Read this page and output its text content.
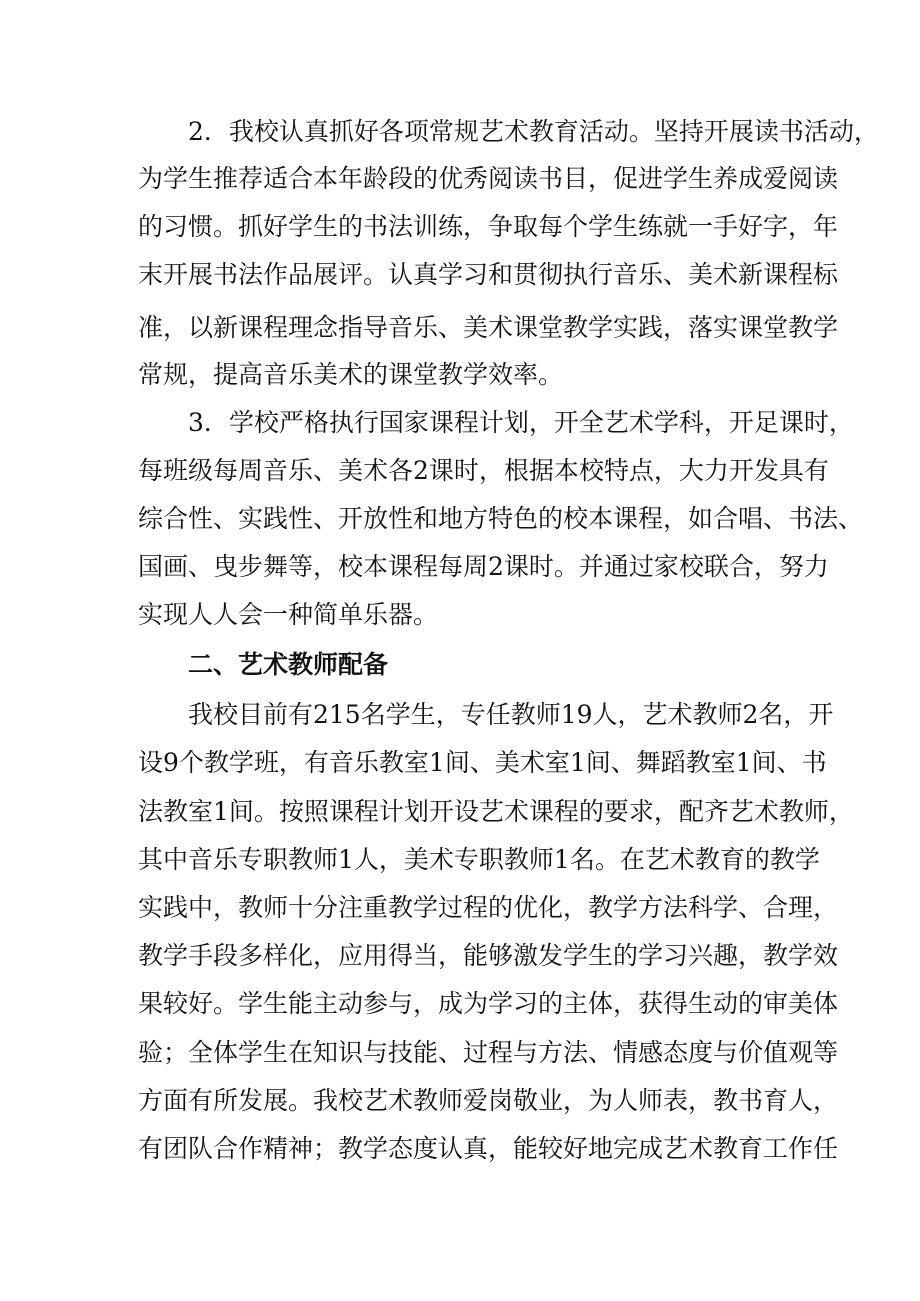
2．我校认真抓好各项常规艺术教育活动。坚持开展读书活动，
为学生推荐适合本年龄段的优秀阅读书目，促进学生养成爱阅读
的习惯。抓好学生的书法训练，争取每个学生练就一手好字，年
末开展书法作品展评。认真学习和贯彻执行音乐、美术新课程标
准，以新课程理念指导音乐、美术课堂教学实践，落实课堂教学
常规，提高音乐美术的课堂教学效率。
3．学校严格执行国家课程计划，开全艺术学科，开足课时，
每班级每周音乐、美术各2课时，根据本校特点，大力开发具有
综合性、实践性、开放性和地方特色的校本课程，如合唱、书法、
国画、曳步舞等，校本课程每周2课时。并通过家校联合，努力
实现人人会一种简单乐器。
二、艺术教师配备
我校目前有215名学生，专任教师19人，艺术教师2名，开
设9个教学班，有音乐教室1间、美术室1间、舞蹈教室1间、书
法教室1间。按照课程计划开设艺术课程的要求，配齐艺术教师，
其中音乐专职教师1人，美术专职教师1名。在艺术教育的教学
实践中，教师十分注重教学过程的优化，教学方法科学、合理，
教学手段多样化，应用得当，能够激发学生的学习兴趣，教学效
果较好。学生能主动参与，成为学习的主体，获得生动的审美体
验；全体学生在知识与技能、过程与方法、情感态度与价值观等
方面有所发展。我校艺术教师爱岗敬业，为人师表，教书育人，
有团队合作精神；教学态度认真，能较好地完成艺术教育工作任
